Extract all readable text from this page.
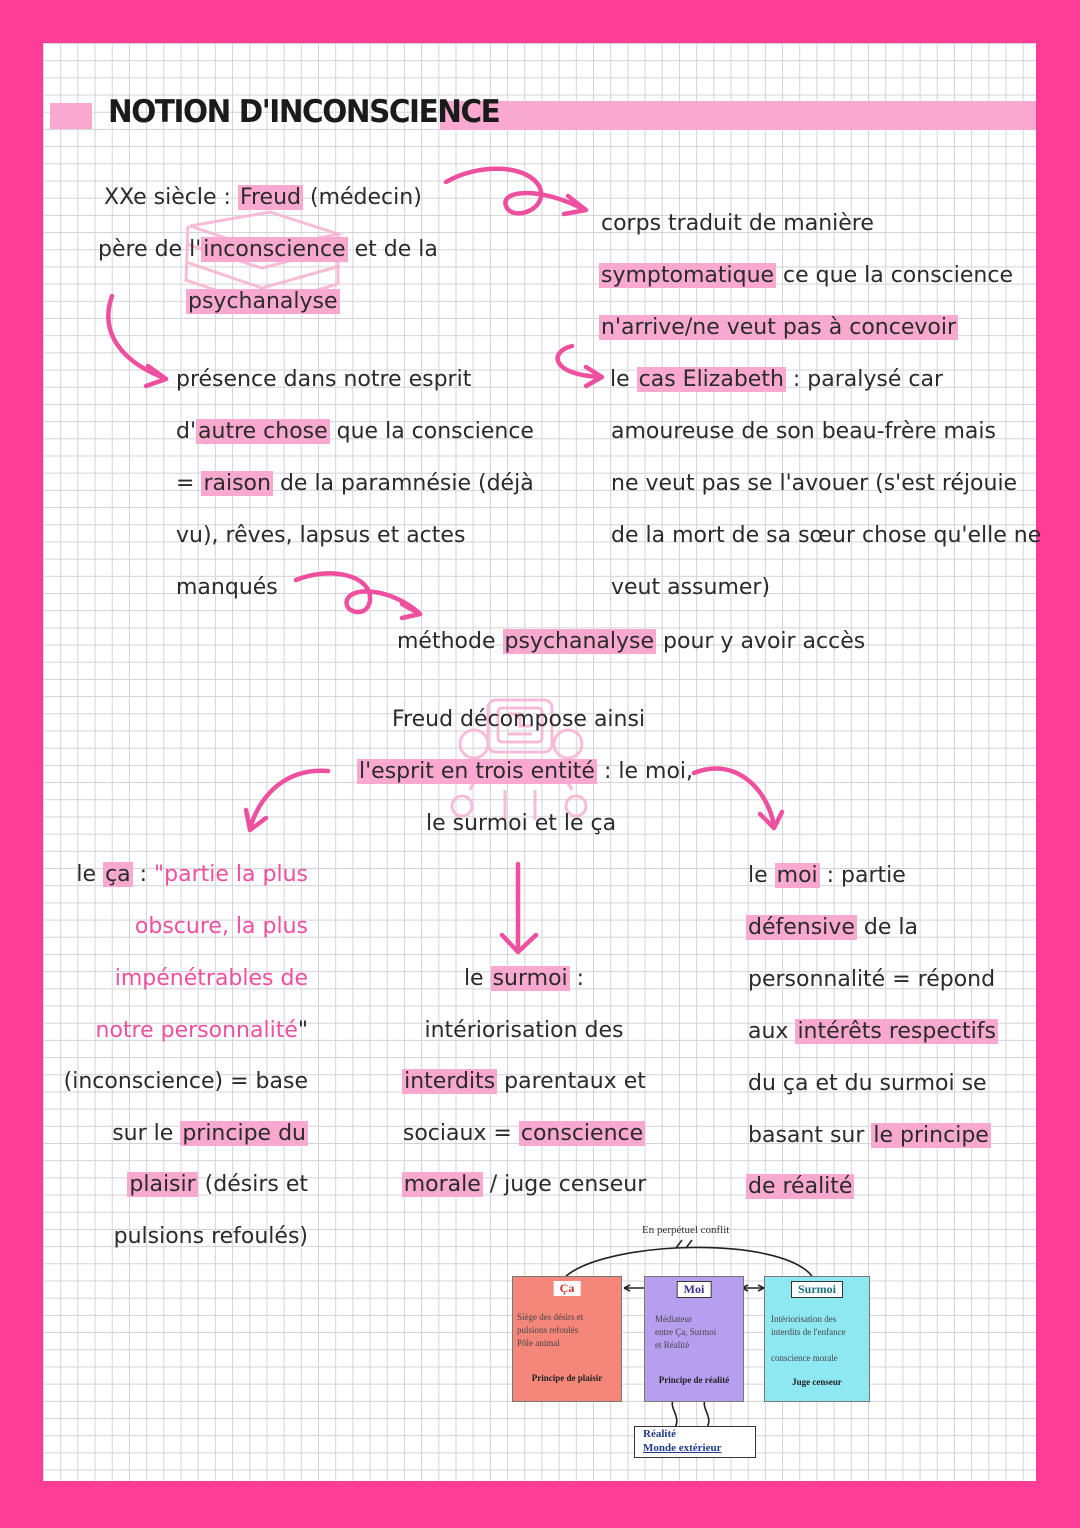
NOTION D'INCONSCIENCE
XXe siècle : Freud (médecin)
père de l'inconscience et de la
psychanalyse
corps traduit de manière
symptomatique ce que la conscience
n'arrive/ne veut pas à concevoir
présence dans notre esprit
d'autre chose que la conscience
= raison de la paramnésie (déjà
vu), rêves, lapsus et actes
manqués
le cas Elizabeth : paralysé car
amoureuse de son beau-frère mais
ne veut pas se l'avouer (s'est réjouie
de la mort de sa sœur chose qu'elle ne
veut assumer)
méthode psychanalyse pour y avoir accès
Freud décompose ainsi
l'esprit en trois entité : le moi,
le surmoi et le ça
le ça : "partie la plus
obscure, la plus
impénétrables de
notre personnalité"
(inconscience) = base
sur le principe du
plaisir (désirs et
pulsions refoulés)
le surmoi :
intériorisation des
interdits parentaux et
sociaux = conscience
morale / juge censeur
le moi : partie
défensive de la
personnalité = répond
aux intérêts respectifs
du ça et du surmoi se
basant sur le principe
de réalité
En perpétuel conflit
Ça
Siège des désirs et
pulsions refoulés
Pôle animal
Principe de plaisir
Moi
Médiateur
entre Ça, Surmoi
et Réalité
Principe de réalité
Surmoi
Intériorisation des
interdits de l'enfance
conscience morale
Juge censeur
Réalité
Monde extérieur
